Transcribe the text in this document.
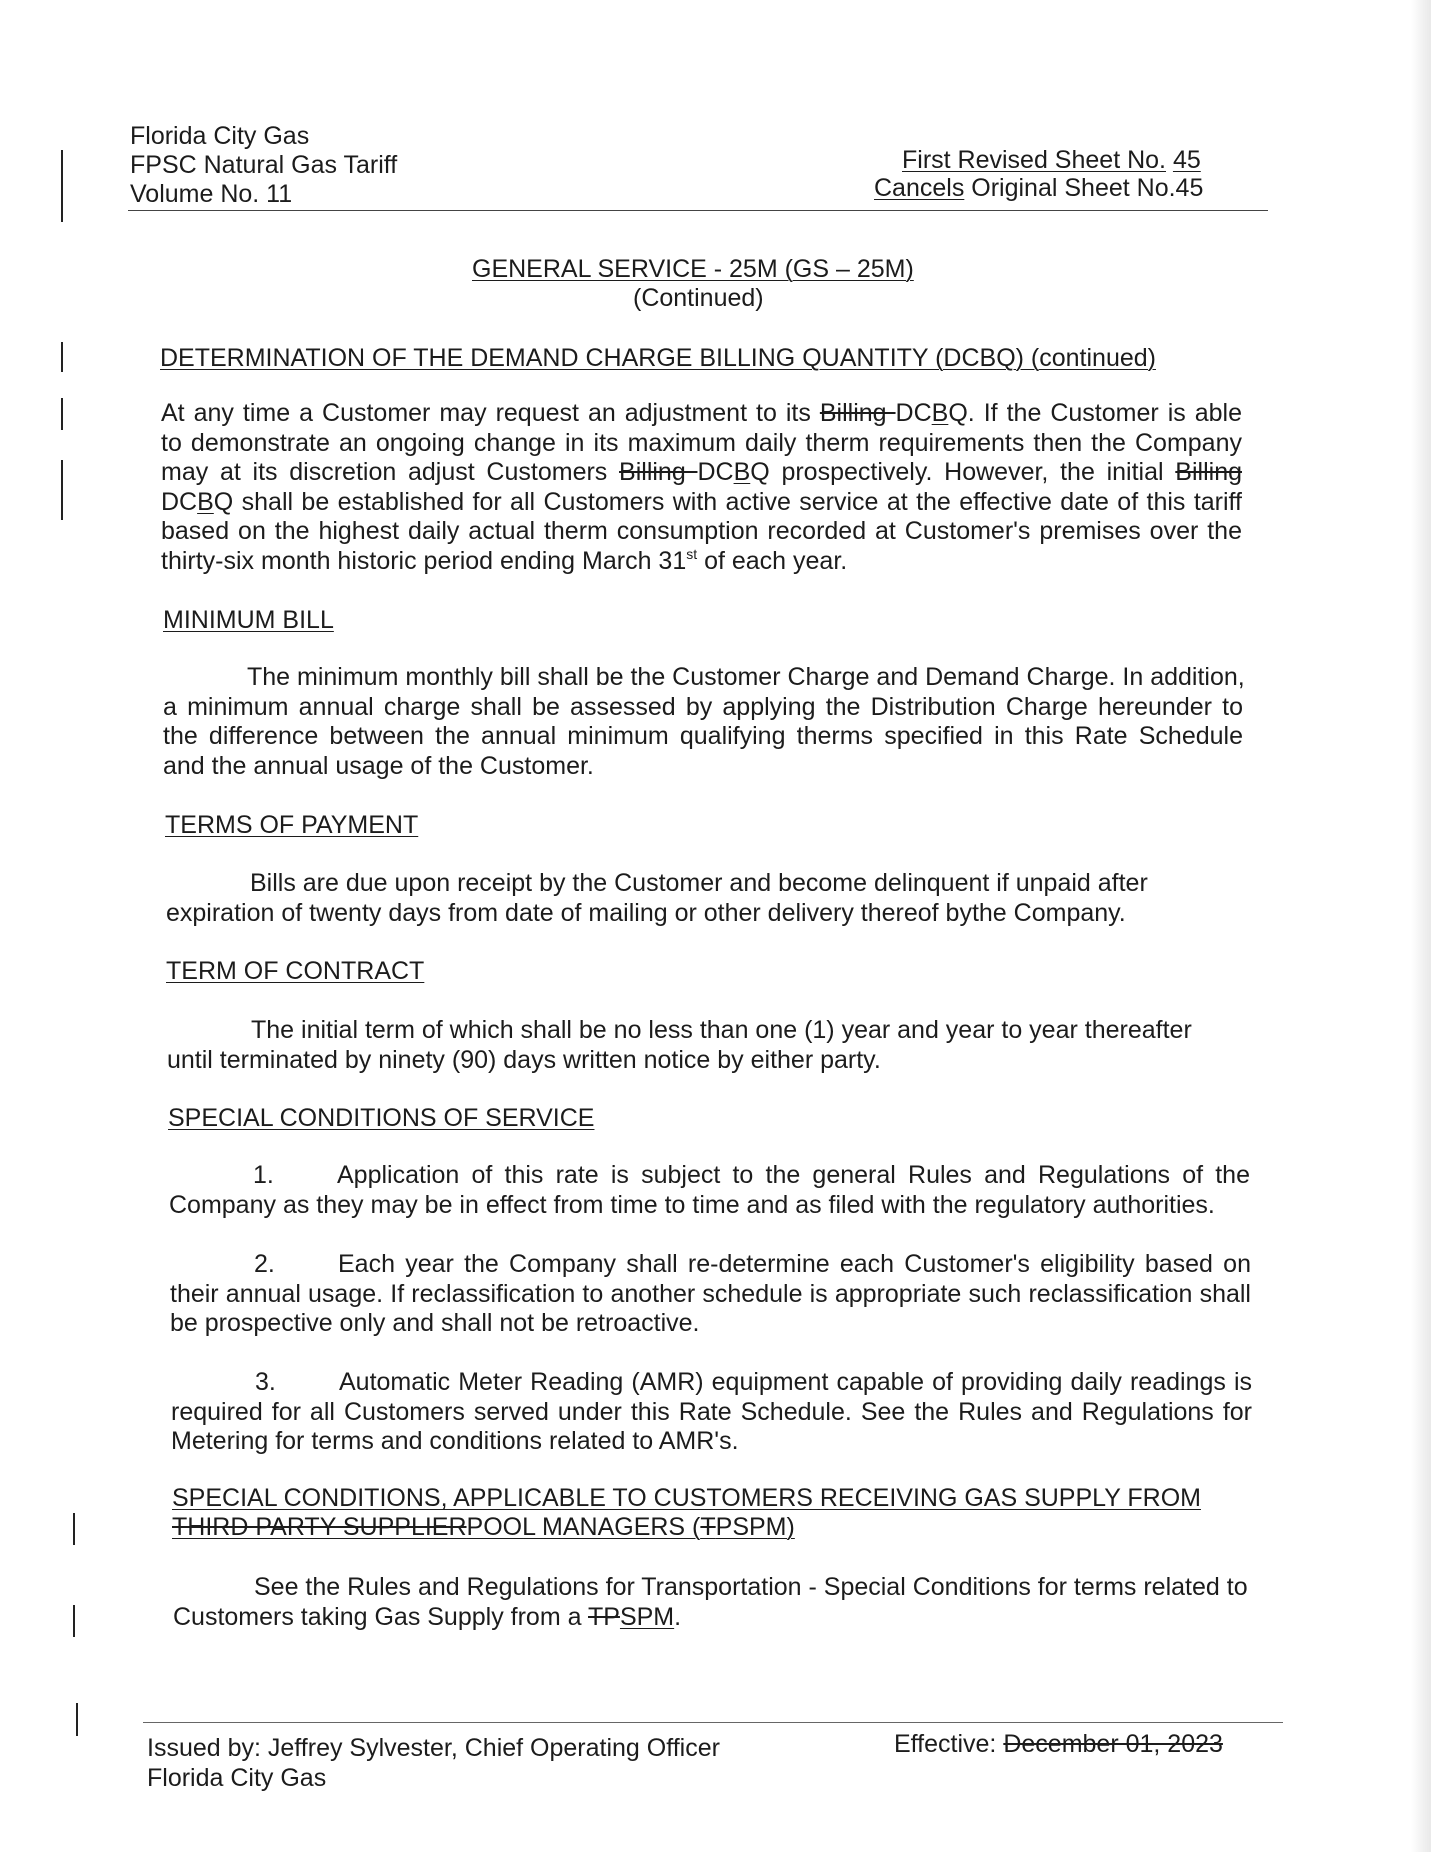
Florida City Gas
FPSC Natural Gas Tariff
Volume No. 11
First Revised Sheet No. 45
Cancels Original Sheet No.45
GENERAL SERVICE - 25M (GS – 25M)
(Continued)
DETERMINATION OF THE DEMAND CHARGE BILLING QUANTITY (DCBQ) (continued)
At any time a Customer may request an adjustment to its Billing DCBQ. If the Customer is able
to demonstrate an ongoing change in its maximum daily therm requirements then the Company
may at its discretion adjust Customers Billing DCBQ prospectively. However, the initial Billing
DCBQ shall be established for all Customers with active service at the effective date of this tariff
based on the highest daily actual therm consumption recorded at Customer's premises over the
thirty-six month historic period ending March 31st of each year.
MINIMUM BILL
The minimum monthly bill shall be the Customer Charge and Demand Charge. In addition,
a minimum annual charge shall be assessed by applying the Distribution Charge hereunder to
the difference between the annual minimum qualifying therms specified in this Rate Schedule
and the annual usage of the Customer.
TERMS OF PAYMENT
Bills are due upon receipt by the Customer and become delinquent if unpaid after
expiration of twenty days from date of mailing or other delivery thereof bythe Company.
TERM OF CONTRACT
The initial term of which shall be no less than one (1) year and year to year thereafter
until terminated by ninety (90) days written notice by either party.
SPECIAL CONDITIONS OF SERVICE
1.	Application of this rate is subject to the general Rules and Regulations of the
Company as they may be in effect from time to time and as filed with the regulatory authorities.
2.	Each year the Company shall re-determine each Customer's eligibility based on
their annual usage. If reclassification to another schedule is appropriate such reclassification shall
be prospective only and shall not be retroactive.
3.	Automatic Meter Reading (AMR) equipment capable of providing daily readings is
required for all Customers served under this Rate Schedule. See the Rules and Regulations for
Metering for terms and conditions related to AMR's.
SPECIAL CONDITIONS, APPLICABLE TO CUSTOMERS RECEIVING GAS SUPPLY FROM
THIRD PARTY SUPPLIERPOOL MANAGERS (TPSPM)
See the Rules and Regulations for Transportation - Special Conditions for terms related to
Customers taking Gas Supply from a TPSPM.
Issued by: Jeffrey Sylvester, Chief Operating Officer
Florida City Gas
Effective: December 01, 2023
